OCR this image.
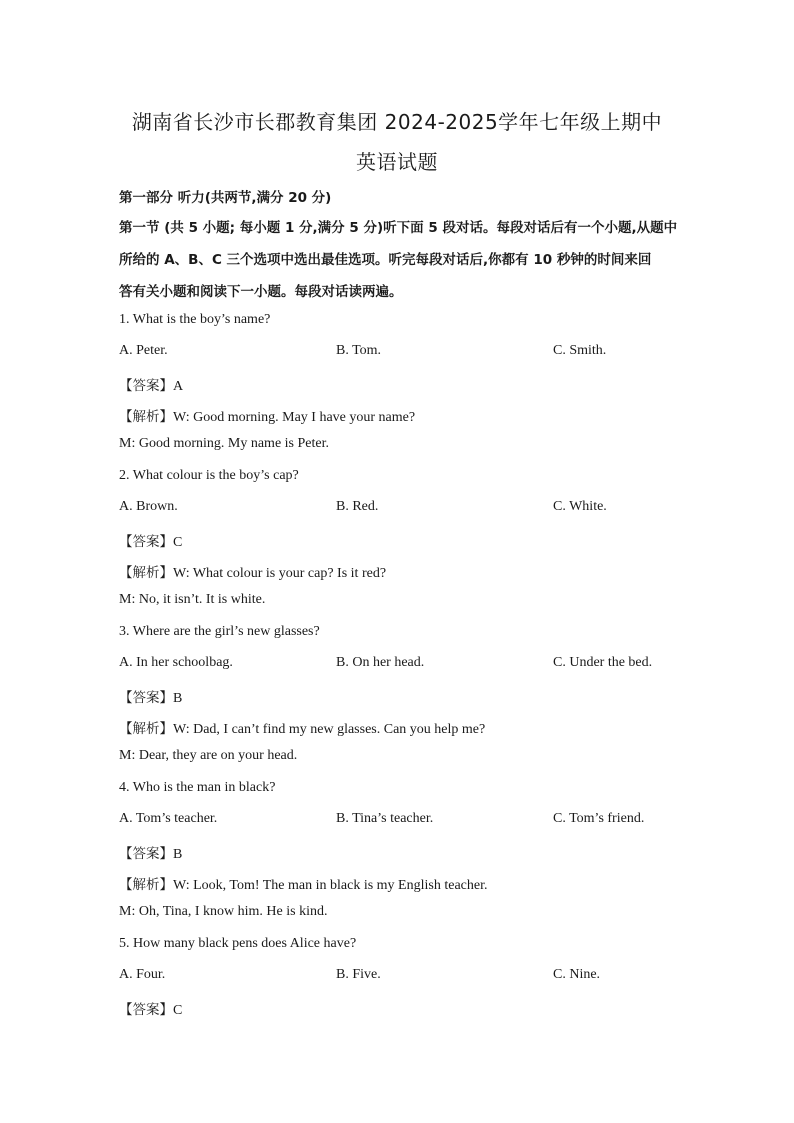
湖南省长沙市长郡教育集团 2024-2025学年七年级上期中
英语试题
第一部分 听力(共两节,满分 20 分)
第一节 (共 5 小题; 每小题 1 分,满分 5 分)听下面 5 段对话。每段对话后有一个小题,从题中
所给的 A、B、C 三个选项中选出最佳选项。听完每段对话后,你都有 10 秒钟的时间来回
答有关小题和阅读下一小题。每段对话读两遍。
1. What is the boy’s name?
A. Peter.	B. Tom.	C. Smith.
【答案】A
【解析】W: Good morning. May I have your name?
M: Good morning. My name is Peter.
2. What colour is the boy’s cap?
A. Brown.	B. Red.	C. White.
【答案】C
【解析】W: What colour is your cap? Is it red?
M: No, it isn’t. It is white.
3. Where are the girl’s new glasses?
A. In her schoolbag.	B. On her head.	C. Under the bed.
【答案】B
【解析】W: Dad, I can’t find my new glasses. Can you help me?
M: Dear, they are on your head.
4. Who is the man in black?
A. Tom’s teacher.	B. Tina’s teacher.	C. Tom’s friend.
【答案】B
【解析】W: Look, Tom! The man in black is my English teacher.
M: Oh, Tina, I know him. He is kind.
5. How many black pens does Alice have?
A. Four.	B. Five.	C. Nine.
【答案】C
